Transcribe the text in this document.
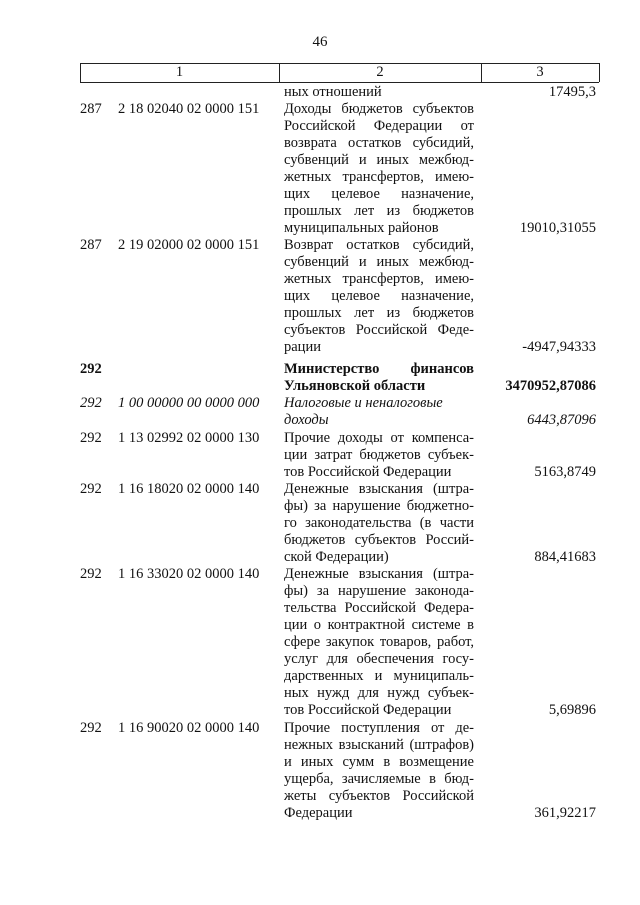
46
1	2	3
ных отношений	17495,3
287 2 18 02040 02 0000 151 Доходы бюджетов субъектов
Российской Федерации от
возврата остатков субсидий,
субвенций и иных межбюд-
жетных трансфертов, имею-
щих целевое назначение,
прошлых лет из бюджетов
муниципальных районов	19010,31055
287 2 19 02000 02 0000 151 Возврат остатков субсидий,
субвенций и иных межбюд-
жетных трансфертов, имею-
щих целевое назначение,
прошлых лет из бюджетов
субъектов Российской Феде-
рации	-4947,94333
292	Министерство финансов
Ульяновской области	3470952,87086
292 1 00 00000 00 0000 000 Налоговые и неналоговые
доходы	6443,87096
292 1 13 02992 02 0000 130 Прочие доходы от компенса-
ции затрат бюджетов субъек-
тов Российской Федерации	5163,8749
292 1 16 18020 02 0000 140 Денежные взыскания (штра-
фы) за нарушение бюджетно-
го законодательства (в части
бюджетов субъектов Россий-
ской Федерации)	884,41683
292 1 16 33020 02 0000 140 Денежные взыскания (штра-
фы) за нарушение законода-
тельства Российской Федера-
ции о контрактной системе в
сфере закупок товаров, работ,
услуг для обеспечения госу-
дарственных и муниципаль-
ных нужд для нужд субъек-
тов Российской Федерации	5,69896
292 1 16 90020 02 0000 140 Прочие поступления от де-
нежных взысканий (штрафов)
и иных сумм в возмещение
ущерба, зачисляемые в бюд-
жеты субъектов Российской
Федерации	361,92217
